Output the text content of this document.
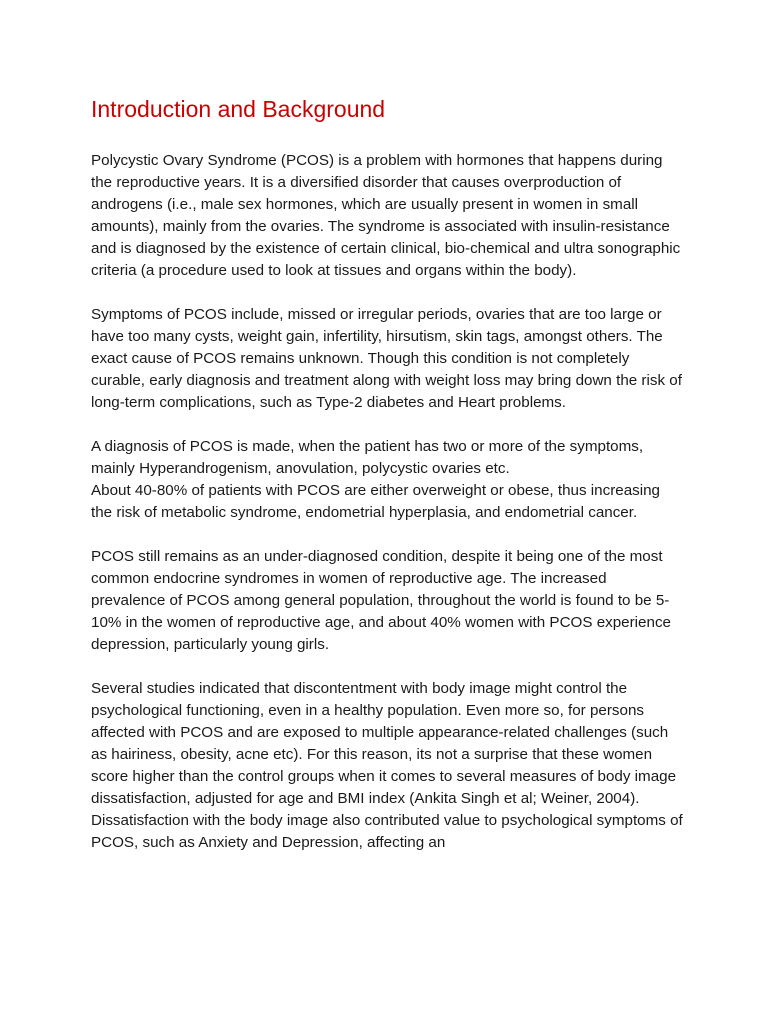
Introduction and Background

Polycystic Ovary Syndrome (PCOS) is a problem with hormones that happens during the reproductive years. It is a diversified disorder that causes overproduction of androgens (i.e., male sex hormones, which are usually present in women in small amounts), mainly from the ovaries. The syndrome is associated with insulin-resistance and is diagnosed by the existence of certain clinical, bio-chemical and ultra sonographic criteria (a procedure used to look at tissues and organs within the body).

Symptoms of PCOS include, missed or irregular periods, ovaries that are too large or have too many cysts, weight gain, infertility, hirsutism, skin tags, amongst others. The exact cause of PCOS remains unknown. Though this condition is not completely curable, early diagnosis and treatment along with weight loss may bring down the risk of long-term complications, such as Type-2 diabetes and Heart problems.

A diagnosis of PCOS is made, when the patient has two or more of the symptoms, mainly Hyperandrogenism, anovulation, polycystic ovaries etc.

About 40-80% of patients with PCOS are either overweight or obese, thus increasing the risk of metabolic syndrome, endometrial hyperplasia, and endometrial cancer.

PCOS still remains as an under-diagnosed condition, despite it being one of the most common endocrine syndromes in women of reproductive age. The increased prevalence of PCOS among general population, throughout the world is found to be 5-10% in the women of reproductive age, and about 40% women with PCOS experience depression, particularly young girls.

Several studies indicated that discontentment with body image might control the psychological functioning, even in a healthy population. Even more so, for persons affected with PCOS and are exposed to multiple appearance-related challenges (such as hairiness, obesity, acne etc). For this reason, its not a surprise that these women score higher than the control groups when it comes to several measures of body image dissatisfaction, adjusted for age and BMI index (Ankita Singh et al; Weiner, 2004). Dissatisfaction with the body image also contributed value to psychological symptoms of PCOS, such as Anxiety and Depression, affecting an
